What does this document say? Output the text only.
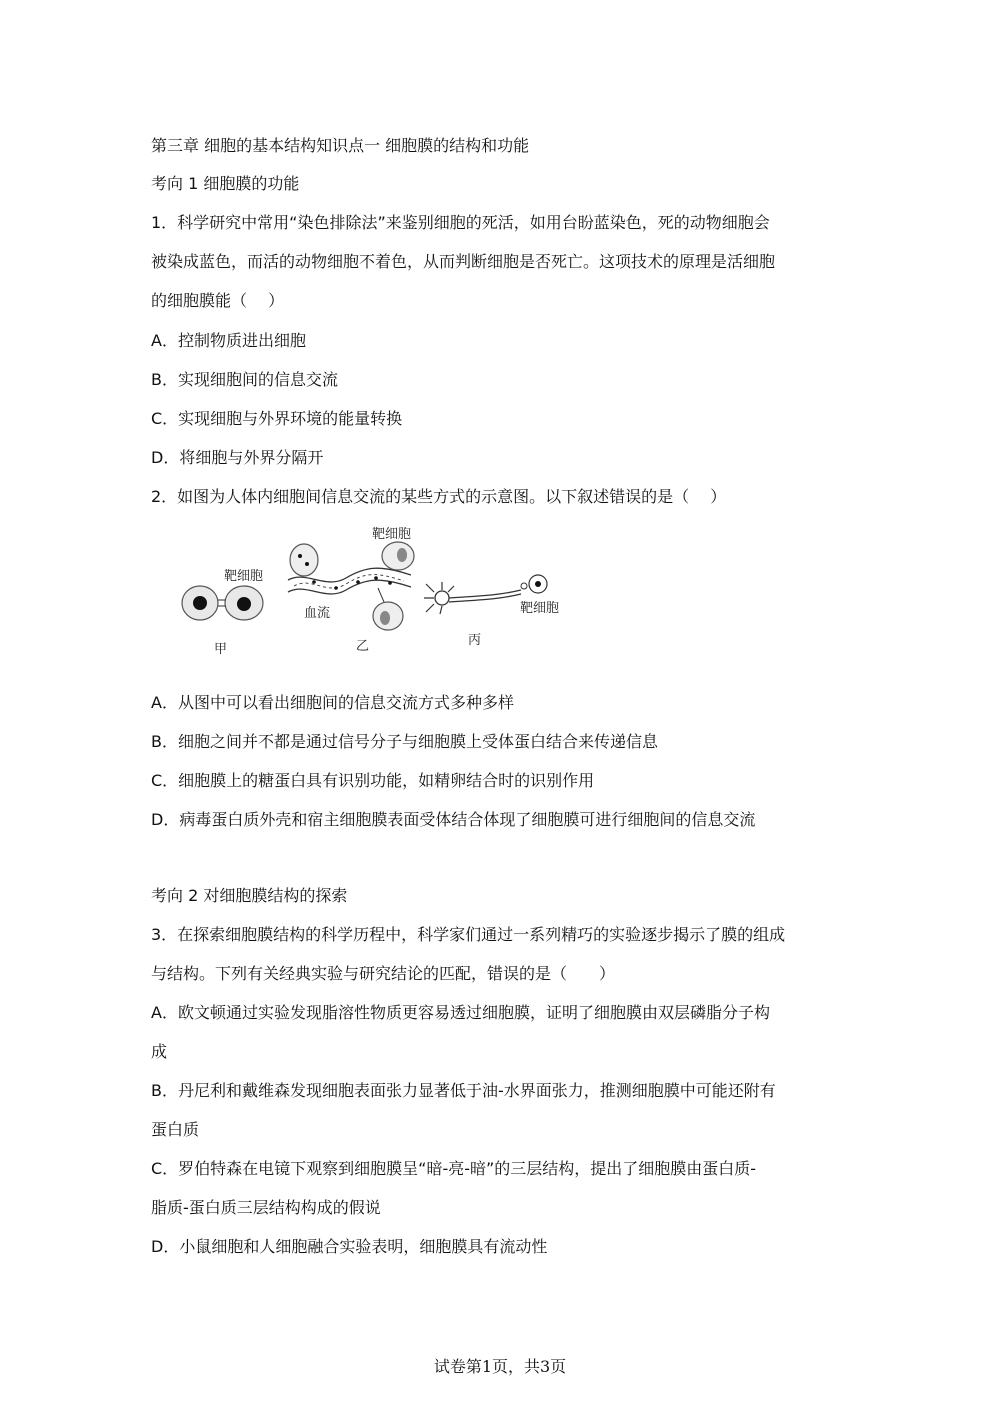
第三章 细胞的基本结构知识点一 细胞膜的结构和功能
考向 1 细胞膜的功能
1．科学研究中常用“染色排除法”来鉴别细胞的死活，如用台盼蓝染色，死的动物细胞会
被染成蓝色，而活的动物细胞不着色，从而判断细胞是否死亡。这项技术的原理是活细胞
的细胞膜能（　 ）
A．控制物质进出细胞
B．实现细胞间的信息交流
C．实现细胞与外界环境的能量转换
D．将细胞与外界分隔开
2．如图为人体内细胞间信息交流的某些方式的示意图。以下叙述错误的是（　 ）
靶细胞
甲
靶细胞
血流
乙
靶细胞
丙
A．从图中可以看出细胞间的信息交流方式多种多样
B．细胞之间并不都是通过信号分子与细胞膜上受体蛋白结合来传递信息
C．细胞膜上的糖蛋白具有识别功能，如精卵结合时的识别作用
D．病毒蛋白质外壳和宿主细胞膜表面受体结合体现了细胞膜可进行细胞间的信息交流
考向 2 对细胞膜结构的探索
3．在探索细胞膜结构的科学历程中，科学家们通过一系列精巧的实验逐步揭示了膜的组成
与结构。下列有关经典实验与研究结论的匹配，错误的是（　　）
A．欧文顿通过实验发现脂溶性物质更容易透过细胞膜，证明了细胞膜由双层磷脂分子构
成
B．丹尼利和戴维森发现细胞表面张力显著低于油-水界面张力，推测细胞膜中可能还附有
蛋白质
C．罗伯特森在电镜下观察到细胞膜呈“暗-亮-暗”的三层结构，提出了细胞膜由蛋白质-
脂质-蛋白质三层结构构成的假说
D．小鼠细胞和人细胞融合实验表明，细胞膜具有流动性
试卷第1页，共3页
